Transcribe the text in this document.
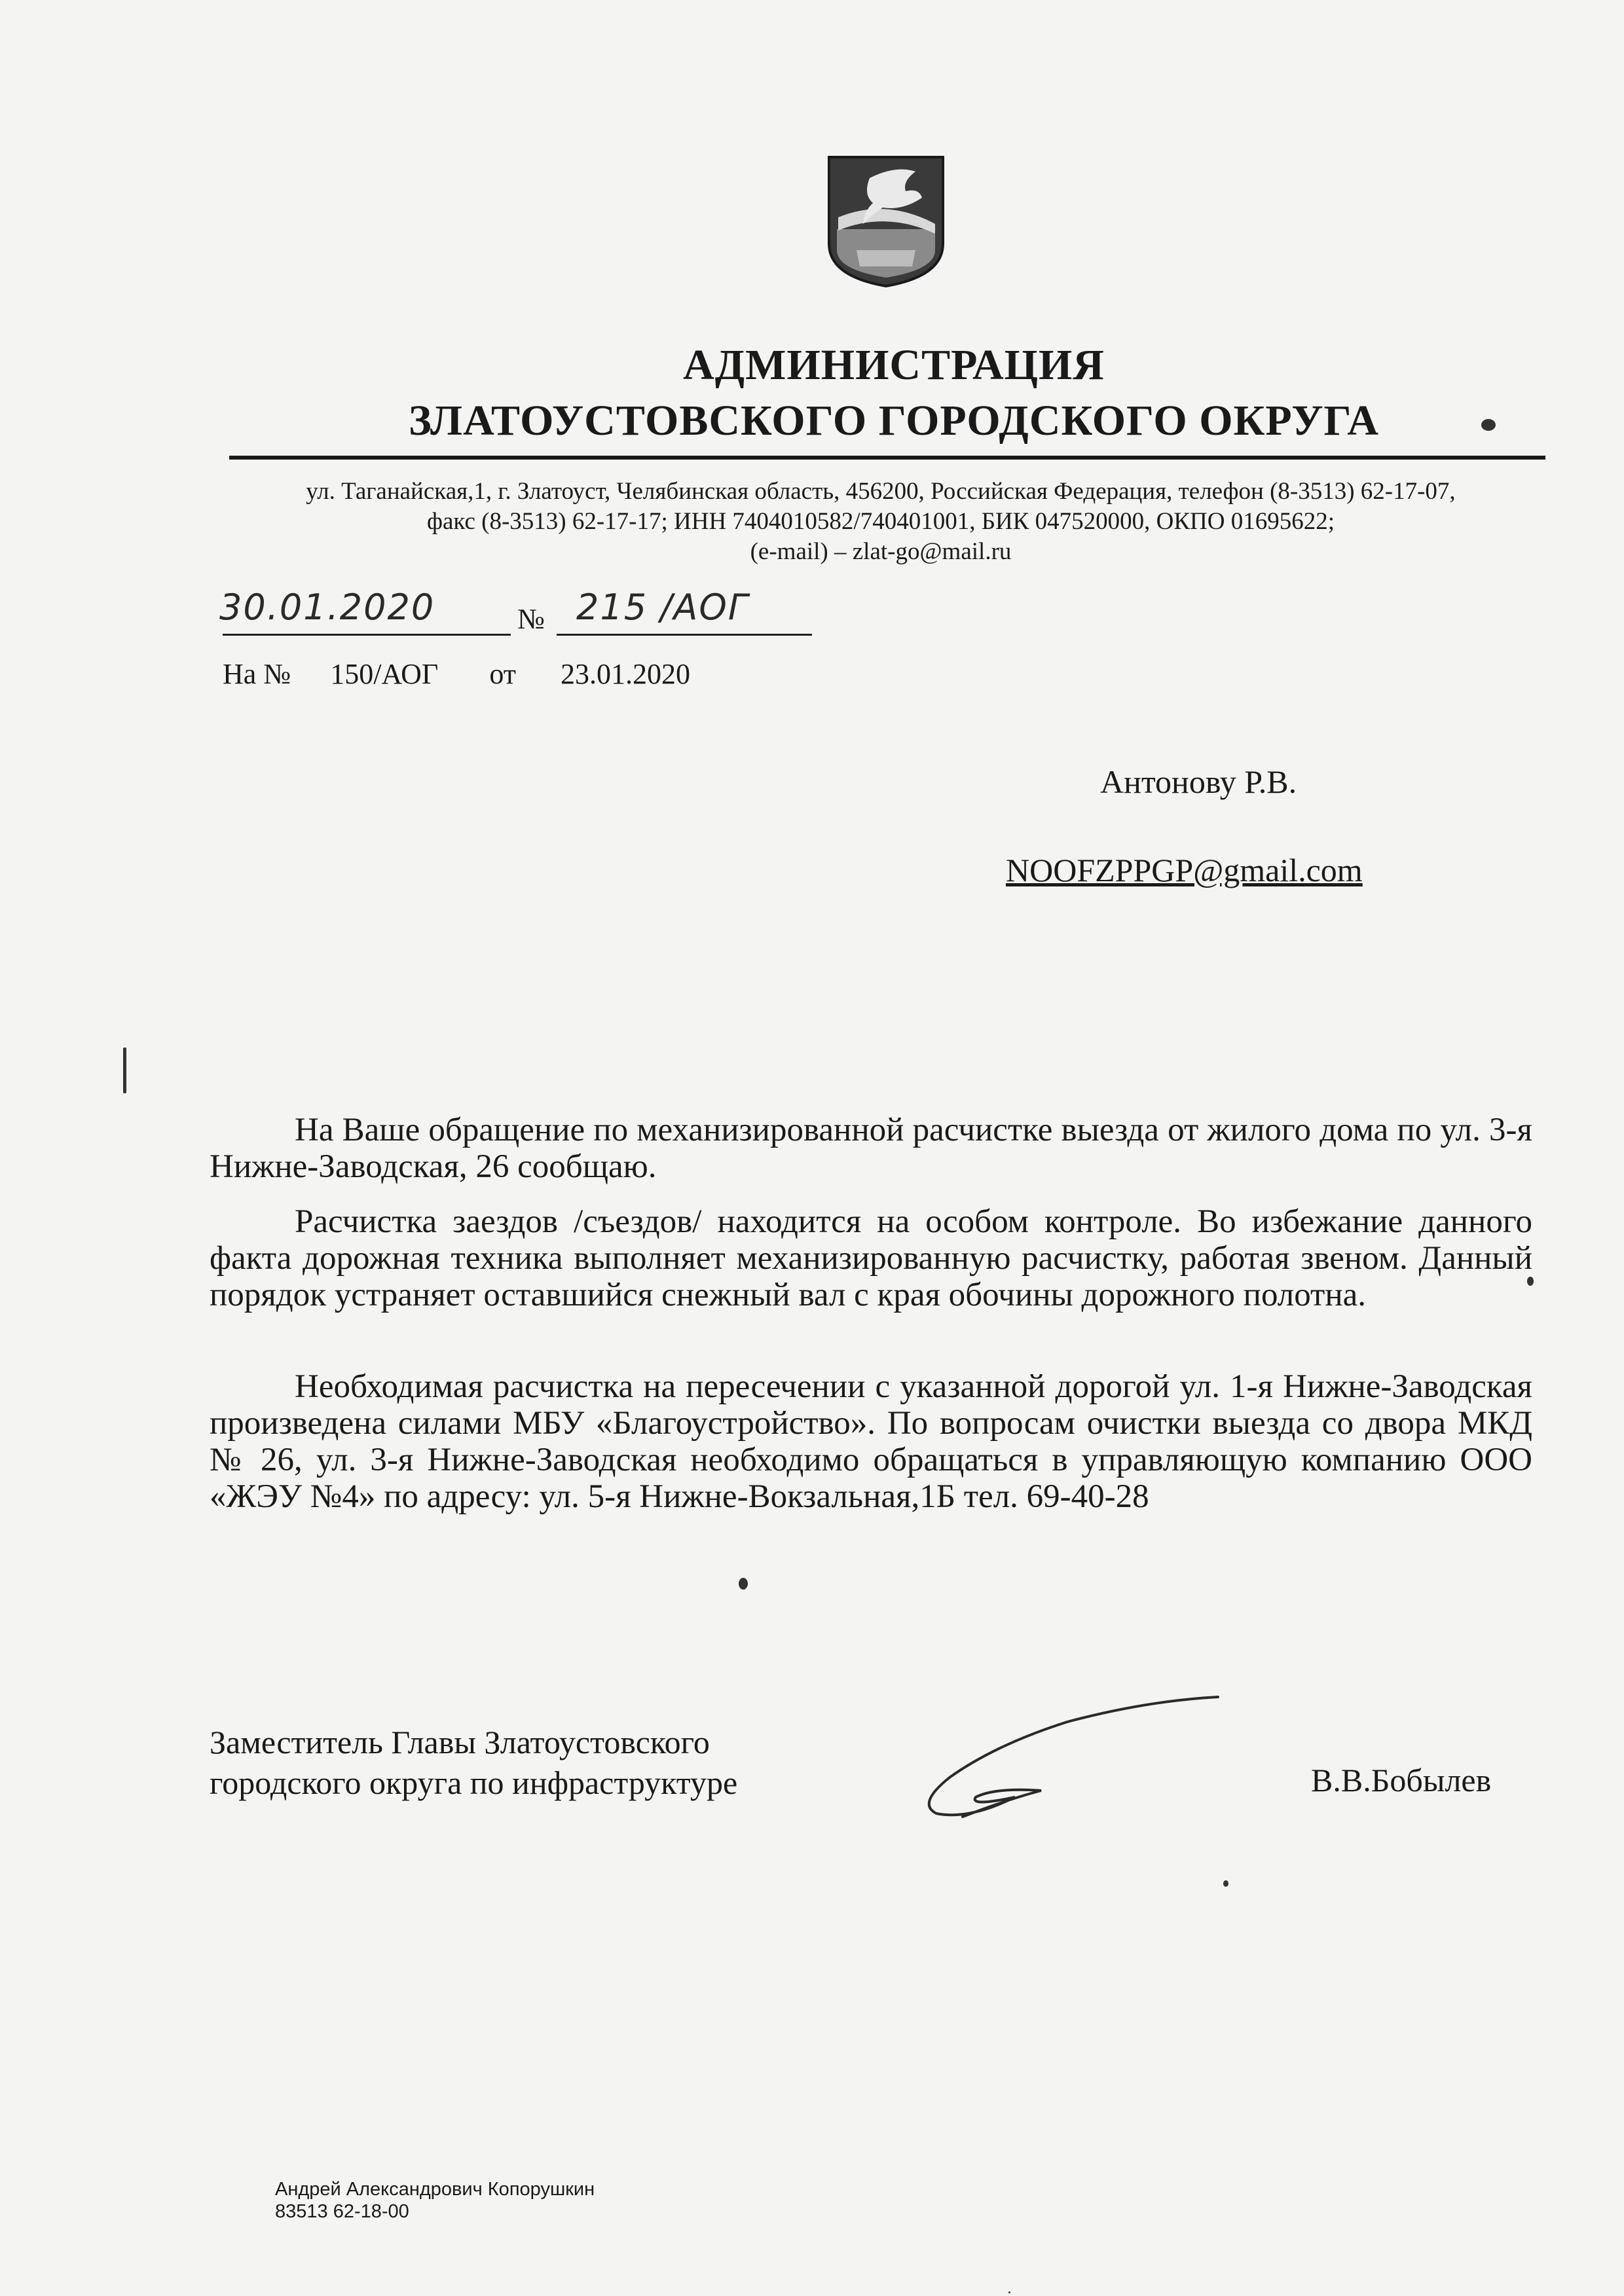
АДМИНИСТРАЦИЯ
ЗЛАТОУСТОВСКОГО ГОРОДСКОГО ОКРУГА
ул. Таганайская,1, г. Златоуст, Челябинская область, 456200, Российская Федерация, телефон (8-3513) 62-17-07,
факс (8-3513) 62-17-17; ИНН 7404010582/740401001, БИК 047520000, ОКПО 01695622;
(e-mail) – zlat-go@mail.ru
30.01.2020	№ 215 /АОГ
На № 150/АОГ от 23.01.2020
Антонову Р.В.
NOOFZPPGP@gmail.com
На Ваше обращение по механизированной расчистке выезда от жилого дома по ул. 3-я Нижне-Заводская, 26 сообщаю.
Расчистка заездов /съездов/ находится на особом контроле. Во избежание данного факта дорожная техника выполняет механизированную расчистку, работая звеном. Данный порядок устраняет оставшийся снежный вал с края обочины дорожного полотна.
Необходимая расчистка на пересечении с указанной дорогой ул. 1-я Нижне-Заводская произведена силами МБУ «Благоустройство». По вопросам очистки выезда со двора МКД № 26, ул. 3-я Нижне-Заводская необходимо обращаться в управляющую компанию ООО «ЖЭУ №4» по адресу: ул. 5-я Нижне-Вокзальная,1Б тел. 69-40-28
Заместитель Главы Златоустовского
городского округа по инфраструктуре	В.В.Бобылев
Андрей Александрович Копорушкин
83513 62-18-00
